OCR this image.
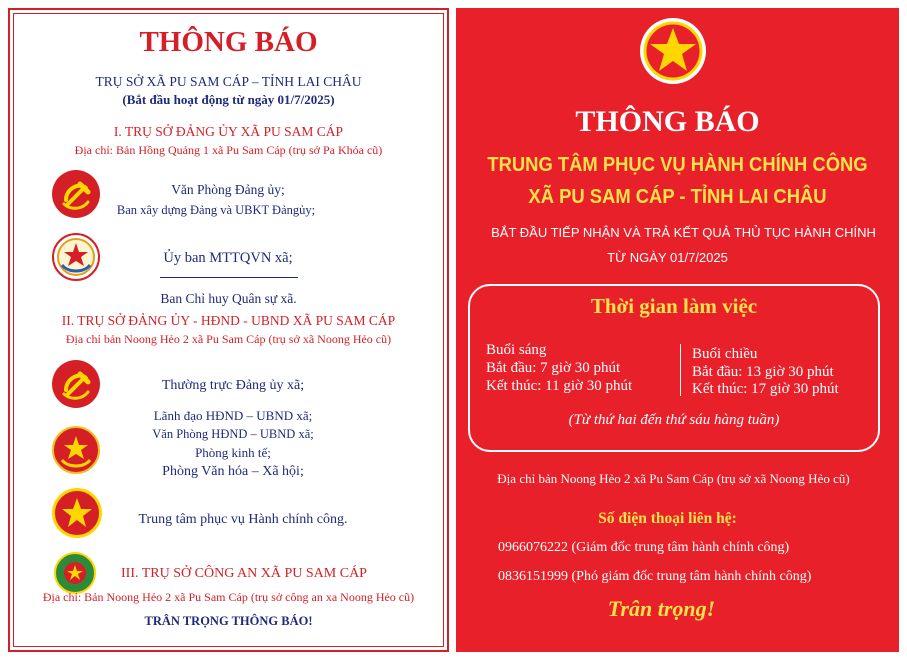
THÔNG BÁO
TRỤ SỞ XÃ PU SAM CÁP – TỈNH LAI CHÂU
(Bắt đầu hoạt động từ ngày 01/7/2025)
I. TRỤ SỞ ĐẢNG ỦY XÃ PU SAM CÁP
Địa chỉ: Bản Hồng Quảng 1 xã Pu Sam Cáp (trụ sở Pa Khóa cũ)
Văn Phòng Đảng ủy;
Ban xây dựng Đảng và UBKT Đảngủy;
Ủy ban MTTQVN xã;
Ban Chỉ huy Quân sự xã.
II. TRỤ SỞ ĐẢNG ỦY - HĐND - UBND XÃ PU SAM CÁP
Địa chỉ bản Noong Hẻo 2 xã Pu Sam Cáp (trụ sở xã Noong Hẻo cũ)
Thường trực Đảng ủy xã;
Lãnh đạo HĐND – UBND xã;
Văn Phòng HĐND – UBND xã;
Phòng kinh tế;
Phòng Văn hóa – Xã hội;
Trung tâm phục vụ Hành chính công.
III. TRỤ SỞ CÔNG AN XÃ PU SAM CÁP
Địa chỉ: Bản Noong Hẻo 2 xã Pu Sam Cáp (trụ sở công an xa Noong Hẻo cũ)
TRÂN TRỌNG THÔNG BÁO!
THÔNG BÁO
TRUNG TÂM PHỤC VỤ HÀNH CHÍNH CÔNG
XÃ PU SAM CÁP - TỈNH LAI CHÂU
BẮT ĐẦU TIẾP NHẬN VÀ TRẢ KẾT QUẢ THỦ TỤC HÀNH CHÍNH
TỪ NGÀY 01/7/2025
Thời gian làm việc
Buổi sáng
Bắt đầu: 7 giờ 30 phút
Kết thúc: 11 giờ 30 phút
Buổi chiều
Bắt đầu: 13 giờ 30 phút
Kết thúc: 17 giờ 30 phút
(Từ thứ hai đến thứ sáu hàng tuần)
Địa chỉ bản Noong Hẻo 2 xã Pu Sam Cáp (trụ sở xã Noong Hẻo cũ)
Số điện thoại liên hệ:
0966076222 (Giám đốc trung tâm hành chính công)
0836151999 (Phó giám đốc trung tâm hành chính công)
Trân trọng!
